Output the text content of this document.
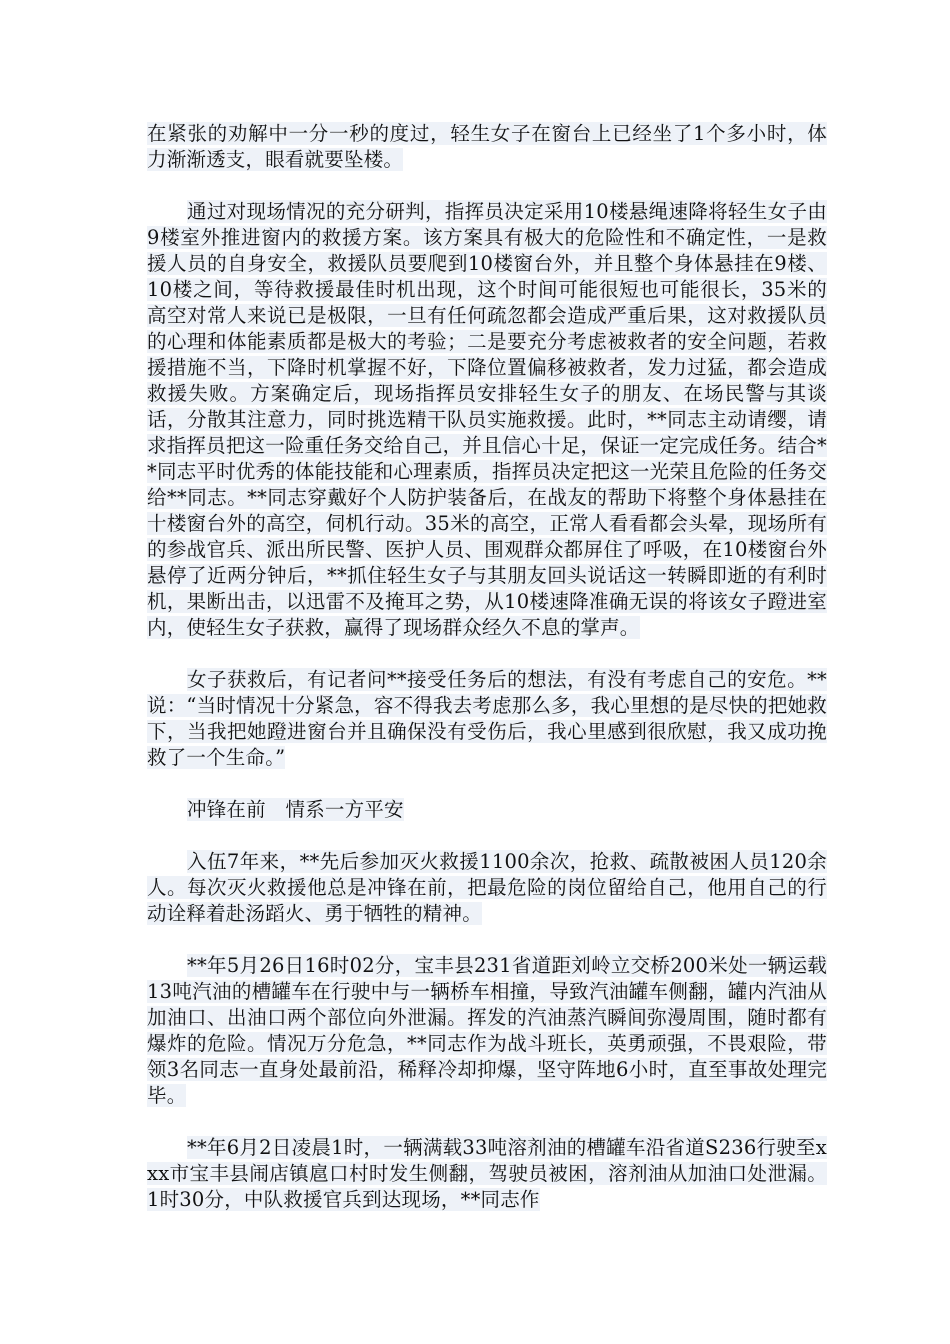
在紧张的劝解中一分一秒的度过，轻生女子在窗台上已经坐了1个多小时，体力渐渐透支，眼看就要坠楼。

通过对现场情况的充分研判，指挥员决定采用10楼悬绳速降将轻生女子由9楼室外推进窗内的救援方案。该方案具有极大的危险性和不确定性，一是救援人员的自身安全，救援队员要爬到10楼窗台外，并且整个身体悬挂在9楼、10楼之间，等待救援最佳时机出现，这个时间可能很短也可能很长，35米的高空对常人来说已是极限，一旦有任何疏忽都会造成严重后果，这对救援队员的心理和体能素质都是极大的考验；二是要充分考虑被救者的安全问题，若救援措施不当，下降时机掌握不好，下降位置偏移被救者，发力过猛，都会造成救援失败。方案确定后，现场指挥员安排轻生女子的朋友、在场民警与其谈话，分散其注意力，同时挑选精干队员实施救援。此时，**同志主动请缨，请求指挥员把这一险重任务交给自己，并且信心十足，保证一定完成任务。结合**同志平时优秀的体能技能和心理素质，指挥员决定把这一光荣且危险的任务交给**同志。**同志穿戴好个人防护装备后，在战友的帮助下将整个身体悬挂在十楼窗台外的高空，伺机行动。35米的高空，正常人看看都会头晕，现场所有的参战官兵、派出所民警、医护人员、围观群众都屏住了呼吸，在10楼窗台外悬停了近两分钟后，**抓住轻生女子与其朋友回头说话这一转瞬即逝的有利时机，果断出击，以迅雷不及掩耳之势，从10楼速降准确无误的将该女子蹬进室内，使轻生女子获救，赢得了现场群众经久不息的掌声。

女子获救后，有记者问**接受任务后的想法，有没有考虑自己的安危。**说：“当时情况十分紧急，容不得我去考虑那么多，我心里想的是尽快的把她救下，当我把她蹬进窗台并且确保没有受伤后，我心里感到很欣慰，我又成功挽救了一个生命。”

冲锋在前　情系一方平安

入伍7年来，**先后参加灭火救援1100余次，抢救、疏散被困人员120余人。每次灭火救援他总是冲锋在前，把最危险的岗位留给自己，他用自己的行动诠释着赴汤蹈火、勇于牺牲的精神。

**年5月26日16时02分，宝丰县231省道距刘岭立交桥200米处一辆运载13吨汽油的槽罐车在行驶中与一辆桥车相撞，导致汽油罐车侧翻，罐内汽油从加油口、出油口两个部位向外泄漏。挥发的汽油蒸汽瞬间弥漫周围，随时都有爆炸的危险。情况万分危急，**同志作为战斗班长，英勇顽强，不畏艰险，带领3名同志一直身处最前沿，稀释冷却抑爆，坚守阵地6小时，直至事故处理完毕。

**年6月2日凌晨1时，一辆满载33吨溶剂油的槽罐车沿省道S236行驶至xxx市宝丰县闹店镇扈口村时发生侧翻，驾驶员被困，溶剂油从加油口处泄漏。1时30分，中队救援官兵到达现场，**同志作
